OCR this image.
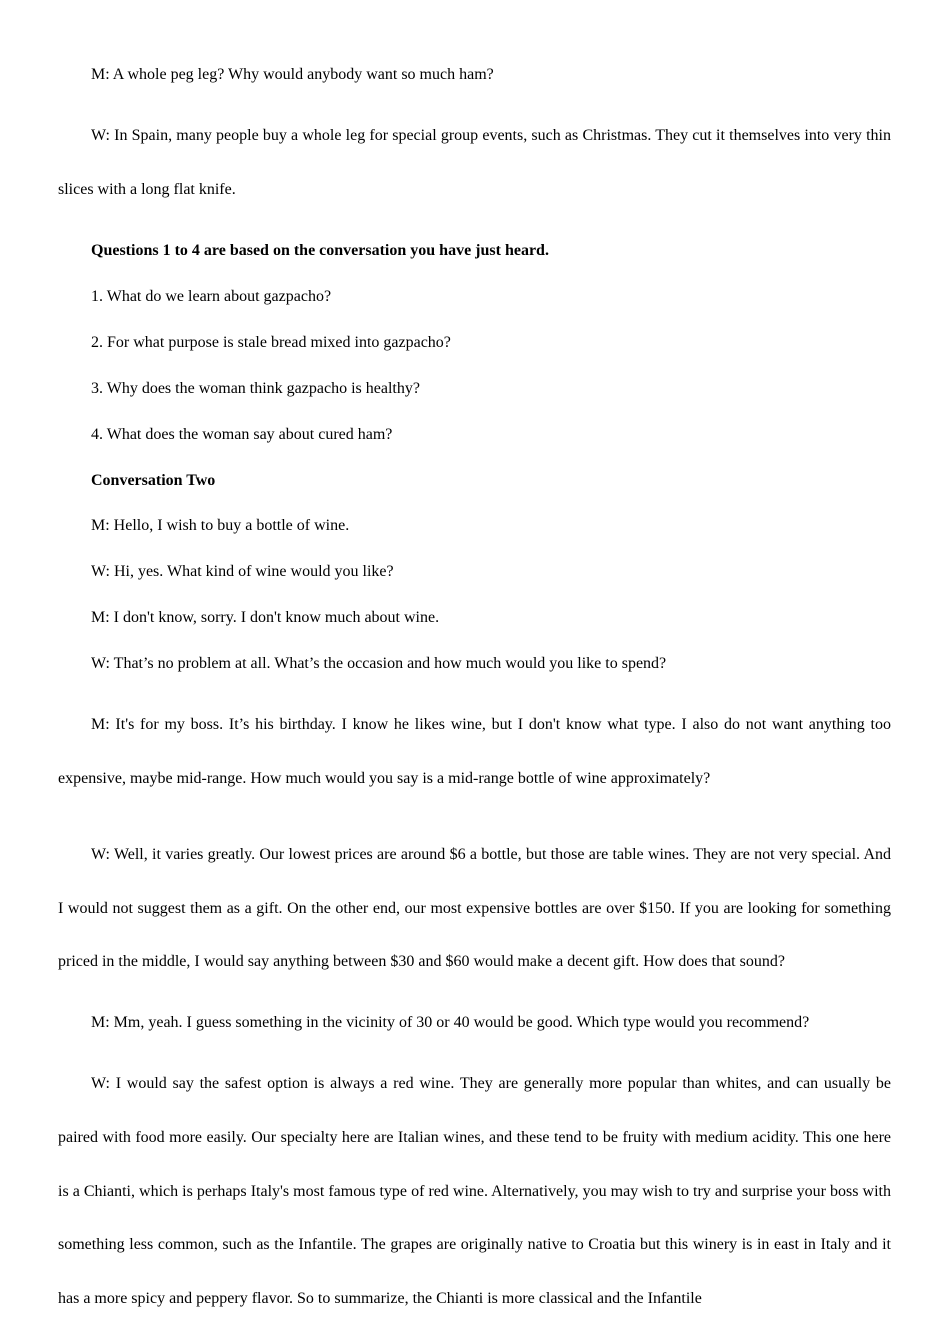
M: A whole peg leg? Why would anybody want so much ham?

W: In Spain, many people buy a whole leg for special group events, such as Christmas. They cut it themselves into very thin slices with a long flat knife.

Questions 1 to 4 are based on the conversation you have just heard.

1. What do we learn about gazpacho?

2. For what purpose is stale bread mixed into gazpacho?

3. Why does the woman think gazpacho is healthy?

4. What does the woman say about cured ham?

Conversation Two

M: Hello, I wish to buy a bottle of wine.

W: Hi, yes. What kind of wine would you like?

M: I don't know, sorry. I don't know much about wine.

W: That’s no problem at all. What’s the occasion and how much would you like to spend?

M: It's for my boss. It’s his birthday. I know he likes wine, but I don't know what type. I also do not want anything too expensive, maybe mid-range. How much would you say is a mid-range bottle of wine approximately?

W: Well, it varies greatly. Our lowest prices are around $6 a bottle, but those are table wines. They are not very special. And I would not suggest them as a gift. On the other end, our most expensive bottles are over $150. If you are looking for something priced in the middle, I would say anything between $30 and $60 would make a decent gift. How does that sound?

M: Mm, yeah. I guess something in the vicinity of 30 or 40 would be good. Which type would you recommend?

W: I would say the safest option is always a red wine. They are generally more popular than whites, and can usually be paired with food more easily. Our specialty here are Italian wines, and these tend to be fruity with medium acidity. This one here is a Chianti, which is perhaps Italy's most famous type of red wine. Alternatively, you may wish to try and surprise your boss with something less common, such as the Infantile. The grapes are originally native to Croatia but this winery is in east in Italy and it has a more spicy and peppery flavor. So to summarize, the Chianti is more classical and the Infantile
